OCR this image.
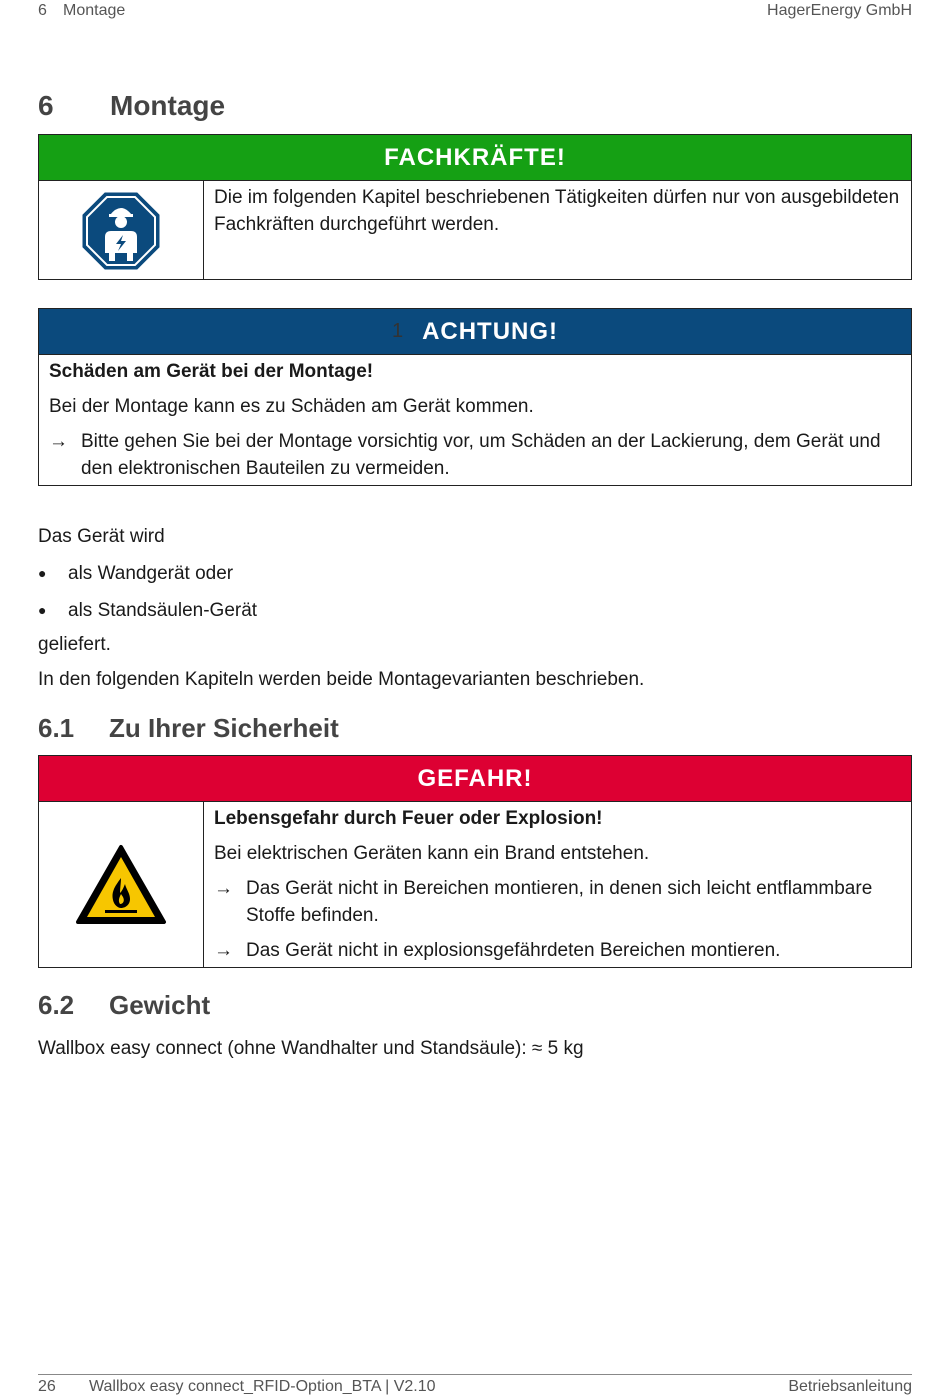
6 Montage	HagerEnergy GmbH
6 Montage
FACHKRÄFTE!
Die im folgenden Kapitel beschriebenen Tätigkeiten dürfen nur von ausgebildeten Fachkräften durchgeführt werden.
1 ACHTUNG!
Schäden am Gerät bei der Montage!
Bei der Montage kann es zu Schäden am Gerät kommen.
→ Bitte gehen Sie bei der Montage vorsichtig vor, um Schäden an der Lackierung, dem Gerät und den elektronischen Bauteilen zu vermeiden.
Das Gerät wird
●	als Wandgerät oder
●	als Standsäulen-Gerät
geliefert.
In den folgenden Kapiteln werden beide Montagevarianten beschrieben.
6.1 Zu Ihrer Sicherheit
GEFAHR!
Lebensgefahr durch Feuer oder Explosion!
Bei elektrischen Geräten kann ein Brand entstehen.
→ Das Gerät nicht in Bereichen montieren, in denen sich leicht entflammbare Stoffe befinden.
→ Das Gerät nicht in explosionsgefährdeten Bereichen montieren.
6.2 Gewicht
Wallbox easy connect (ohne Wandhalter und Standsäule): ≈ 5 kg
26 Wallbox easy connect_RFID-Option_BTA | V2.10	Betriebsanleitung
